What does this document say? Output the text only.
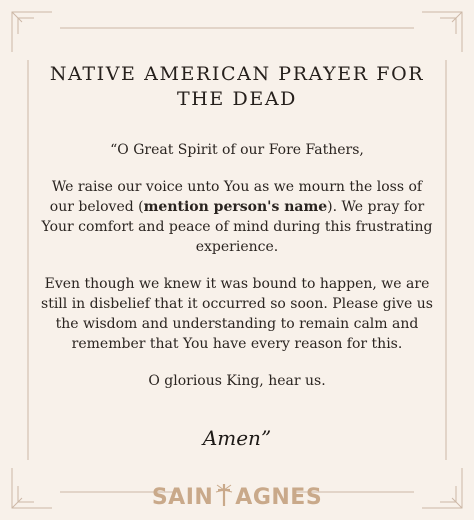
NATIVE AMERICAN PRAYER FOR THE DEAD

“O Great Spirit of our Fore Fathers,

We raise our voice unto You as we mourn the loss of our beloved (mention person's name). We pray for Your comfort and peace of mind during this frustrating experience.

Even though we knew it was bound to happen, we are still in disbelief that it occurred so soon. Please give us the wisdom and understanding to remain calm and remember that You have every reason for this.

O glorious King, hear us.

Amen”
SAIN AGNES
